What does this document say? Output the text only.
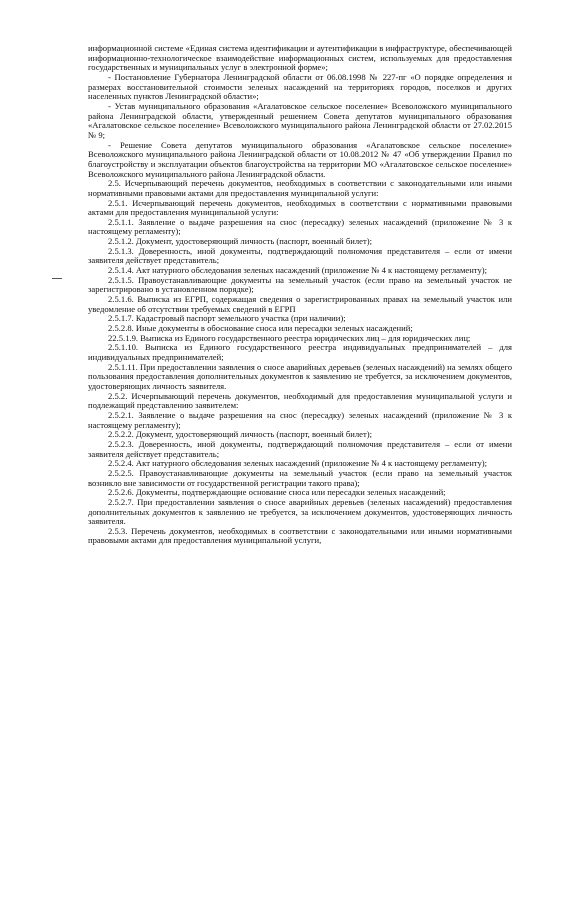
информационной системе «Единая система идентификации и аутентификации в инфраструктуре, обеспечивающей информационно-технологическое взаимодействие информационных систем, используемых для предоставления государственных и муниципальных услуг в электронной форме»;

- Постановление Губернатора Ленинградской области от 06.08.1998 № 227-пг «О порядке определения и размерах восстановительной стоимости зеленых насаждений на территориях городов, поселков и других населенных пунктов Ленинградской области»;

- Устав муниципального образования «Агалатовское сельское поселение» Всеволожского муниципального района Ленинградской области, утвержденный решением Совета депутатов муниципального образования «Агалатовское сельское поселение» Всеволожского муниципального района Ленинградской области от 27.02.2015 № 9;

- Решение Совета депутатов муниципального образования «Агалатовское сельское поселение» Всеволожского муниципального района Ленинградской области от 10.08.2012 № 47 «Об утверждении Правил по благоустройству и эксплуатации объектов благоустройства на территории МО «Агалатовское сельское поселение» Всеволожского муниципального района Ленинградской области.

2.5. Исчерпывающий перечень документов, необходимых в соответствии с законодательными или иными нормативными правовыми актами для предоставления муниципальной услуги:

2.5.1. Исчерпывающий перечень документов, необходимых в соответствии с нормативными правовыми актами для предоставления муниципальной услуги:

2.5.1.1. Заявление о выдаче разрешения на снос (пересадку) зеленых насаждений (приложение № 3 к настоящему регламенту);

2.5.1.2. Документ, удостоверяющий личность (паспорт, военный билет);

2.5.1.3. Доверенность, иной документы, подтверждающий полномочия представителя – если от имени заявителя действует представитель;

2.5.1.4. Акт натурного обследования зеленых насаждений (приложение № 4 к настоящему регламенту);

2.5.1.5. Правоустанавливающие документы на земельный участок (если право на земельный участок не зарегистрировано в установленном порядке);

2.5.1.6. Выписка из ЕГРП, содержащая сведения о зарегистрированных правах на земельный участок или уведомление об отсутствии требуемых сведений в ЕГРП

2.5.1.7. Кадастровый паспорт земельного участка (при наличии);

2.5.2.8. Иные документы в обоснование сноса или пересадки зеленых насаждений;

22.5.1.9. Выписка из Единого государственного реестра юридических лиц – для юридических лиц;

2.5.1.10. Выписка из Единого государственного реестра индивидуальных предпринимателей – для индивидуальных предпринимателей;

2.5.1.11. При предоставлении заявления о сносе аварийных деревьев (зеленых насаждений) на землях общего пользования предоставления дополнительных документов к заявлению не требуется, за исключением документов, удостоверяющих личность заявителя.

2.5.2. Исчерпывающий перечень документов, необходимый для предоставления муниципальной услуги и подлежащий представлению заявителем:

2.5.2.1. Заявление о выдаче разрешения на снос (пересадку) зеленых насаждений (приложение № 3 к настоящему регламенту);

2.5.2.2. Документ, удостоверяющий личность (паспорт, военный билет);

2.5.2.3. Доверенность, иной документы, подтверждающий полномочия представителя – если от имени заявителя действует представитель;

2.5.2.4. Акт натурного обследования зеленых насаждений (приложение № 4 к настоящему регламенту);

2.5.2.5. Правоустанавливающие документы на земельный участок (если право на земельный участок возникло вне зависимости от государственной регистрации такого права);

2.5.2.6. Документы, подтверждающие основание сноса или пересадки зеленых насаждений;

2.5.2.7. При предоставлении заявления о сносе аварийных деревьев (зеленых насаждений) предоставления дополнительных документов к заявлению не требуется, за исключением документов, удостоверяющих личность заявителя.

2.5.3. Перечень документов, необходимых в соответствии с законодательными или иными нормативными правовыми актами для предоставления муниципальной услуги,
